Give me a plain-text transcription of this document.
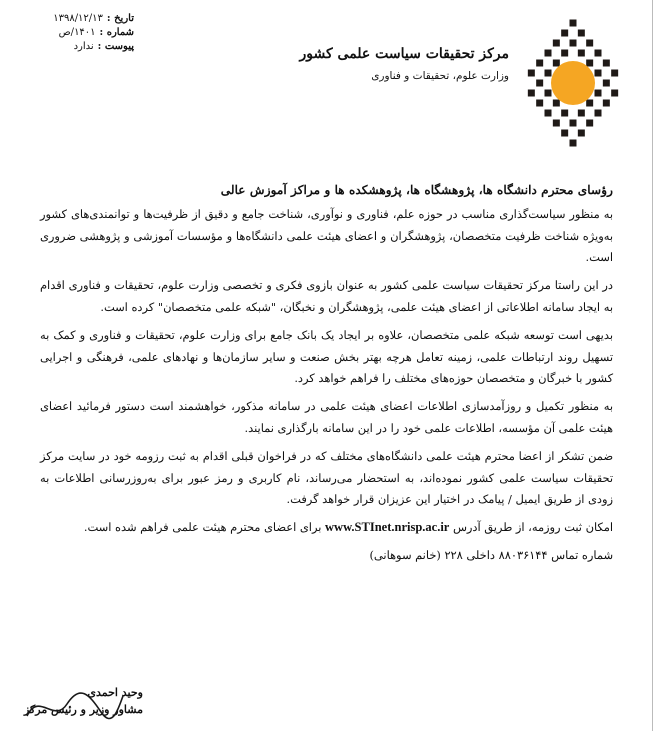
تاریخ :
۱۳۹۸/۱۲/۱۳
شماره :
۱۴۰۱/ص
پیوست :
ندارد	مرکز تحقیقات سیاست علمی کشور
وزارت علوم، تحقیقات و فناوری
رؤسای محترم دانشگاه ها، پژوهشگاه ها، پژوهشکده ها و مراکز آموزش عالی

به منظور سیاست‌گذاری مناسب در حوزه علم، فناوری و نوآوری، شناخت جامع و دقیق از ظرفیت‌ها و توانمندی‌های کشور به‌ویژه شناخت ظرفیت متخصصان، پژوهشگران و اعضای هیئت علمی دانشگاه‌ها و مؤسسات آموزشی و پژوهشی ضروری است.

در این راستا مرکز تحقیقات سیاست علمی کشور به عنوان بازوی فکری و تخصصی وزارت علوم، تحقیقات و فناوری اقدام به ایجاد سامانه اطلاعاتی از اعضای هیئت علمی، پژوهشگران و نخبگان، "شبکه علمی متخصصان" کرده است.

بدیهی است توسعه شبکه علمی متخصصان، علاوه بر ایجاد یک بانک جامع برای وزارت علوم، تحقیقات و فناوری و کمک به تسهیل روند ارتباطات علمی، زمینه تعامل هرچه بهتر بخش صنعت و سایر سازمان‌ها و نهادهای علمی، فرهنگی و اجرایی کشور با خبرگان و متخصصان حوزه‌های مختلف را فراهم خواهد کرد.

به منظور تکمیل و روزآمدسازی اطلاعات اعضای هیئت علمی در سامانه مذکور، خواهشمند است دستور فرمائید اعضای هیئت علمی آن مؤسسه، اطلاعات علمی خود را در این سامانه بارگذاری نمایند.

ضمن تشکر از اعضا محترم هیئت علمی دانشگاه‌های مختلف که در فراخوان قبلی اقدام به ثبت رزومه خود در سایت مرکز تحقیقات سیاست علمی کشور نموده‌اند، به استحضار می‌رساند، نام کاربری و رمز عبور برای به‌روزرسانی اطلاعات به زودی از طریق ایمیل / پیامک در اختیار این عزیزان قرار خواهد گرفت.

امکان ثبت روزمه، از طریق آدرس www.STInet.nrisp.ac.ir برای اعضای محترم هیئت علمی فراهم شده است.

شماره تماس ۸۸۰۳۶۱۴۴ داخلی ۲۲۸ (خانم سوهانی)

وحید احمدی
مشاور وزیر و رئیس مرکز
